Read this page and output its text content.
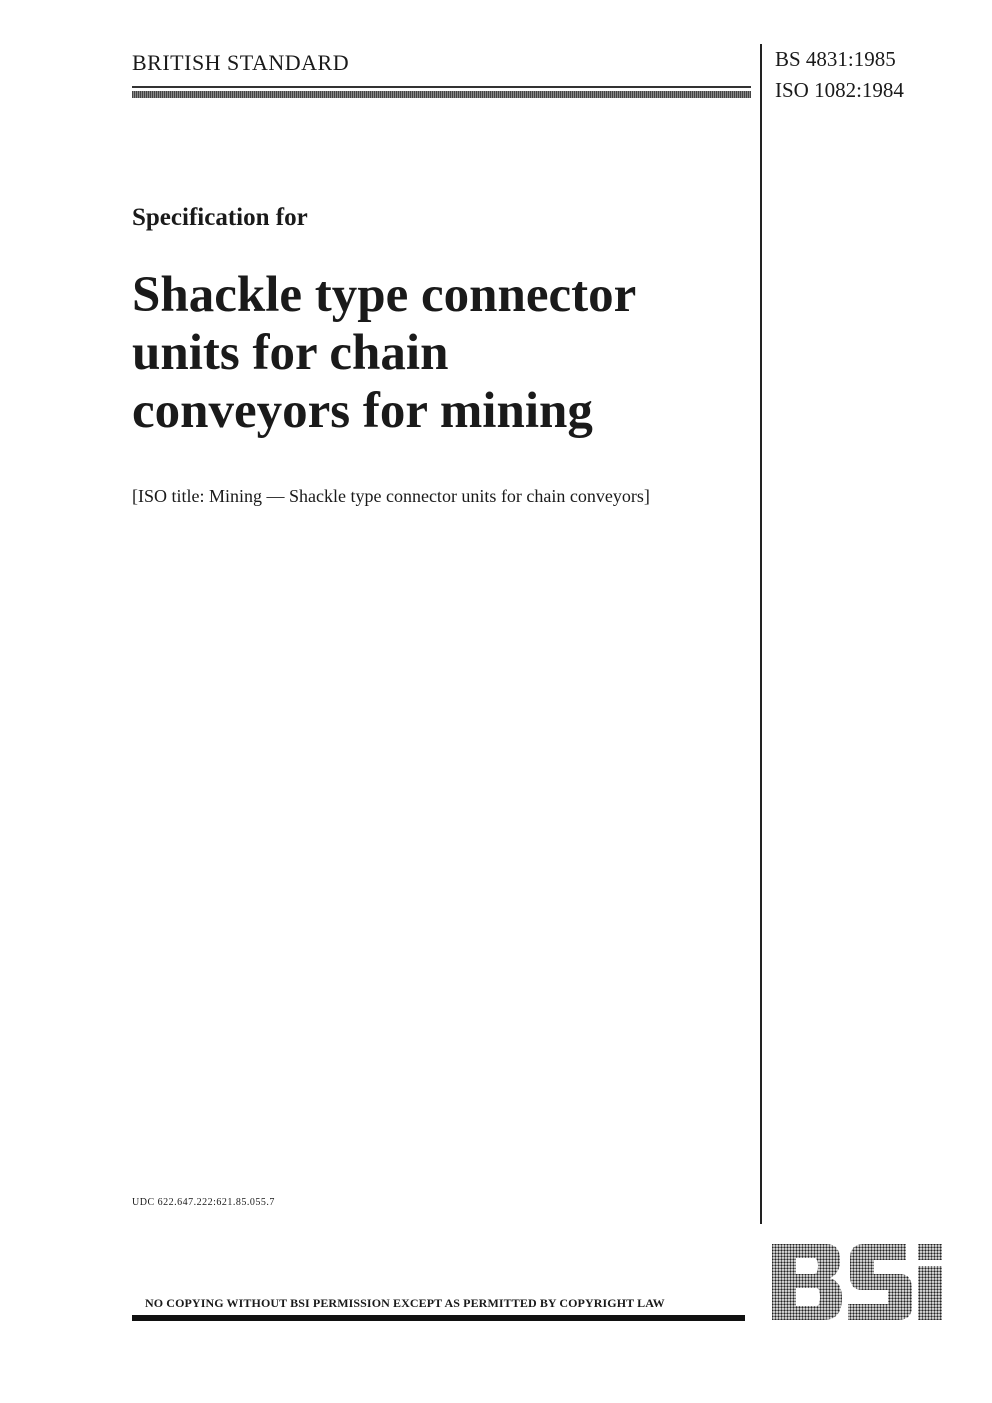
BRITISH STANDARD	BS 4831:1985
ISO 1082:1984
Specification for
Shackle type connector
units for chain
conveyors for mining
[ISO title: Mining — Shackle type connector units for chain conveyors]
UDC 622.647.222:621.85.055.7
NO COPYING WITHOUT BSI PERMISSION EXCEPT AS PERMITTED BY COPYRIGHT LAW
